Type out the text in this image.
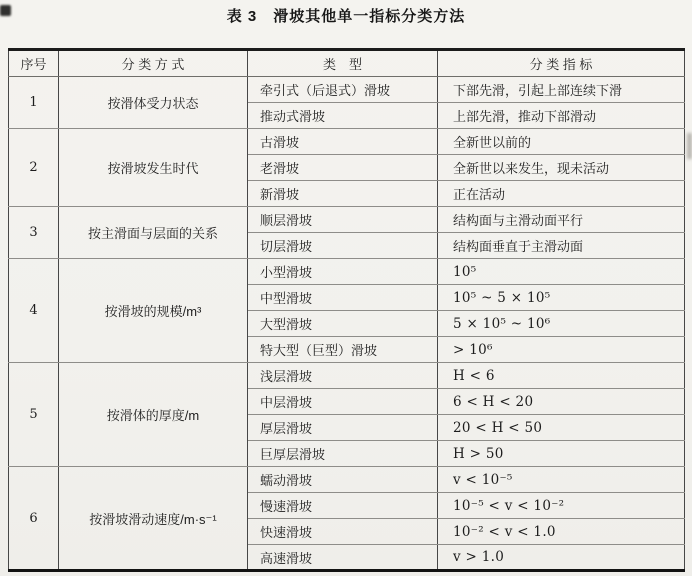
表 3　滑坡其他单一指标分类方法
序号	分 类 方 式	类　型	分 类 指 标
1	按滑体受力状态	牵引式（后退式）滑坡	下部先滑，引起上部连续下滑
		推动式滑坡	上部先滑，推动下部滑动
2	按滑坡发生时代	古滑坡	全新世以前的
		老滑坡	全新世以来发生，现未活动
		新滑坡	正在活动
3	按主滑面与层面的关系	顺层滑坡	结构面与主滑动面平行
		切层滑坡	结构面垂直于主滑动面
4	按滑坡的规模/m³	小型滑坡	10⁵
		中型滑坡	10⁵ ~ 5 × 10⁵
		大型滑坡	5 × 10⁵ ~ 10⁶
		特大型（巨型）滑坡	> 10⁶
5	按滑体的厚度/m	浅层滑坡	H < 6
		中层滑坡	6 < H < 20
		厚层滑坡	20 < H < 50
		巨厚层滑坡	H > 50
6	按滑坡滑动速度/m·s⁻¹	蠕动滑坡	v < 10⁻⁵
		慢速滑坡	10⁻⁵ < v < 10⁻²
		快速滑坡	10⁻² < v < 1.0
		高速滑坡	v > 1.0
